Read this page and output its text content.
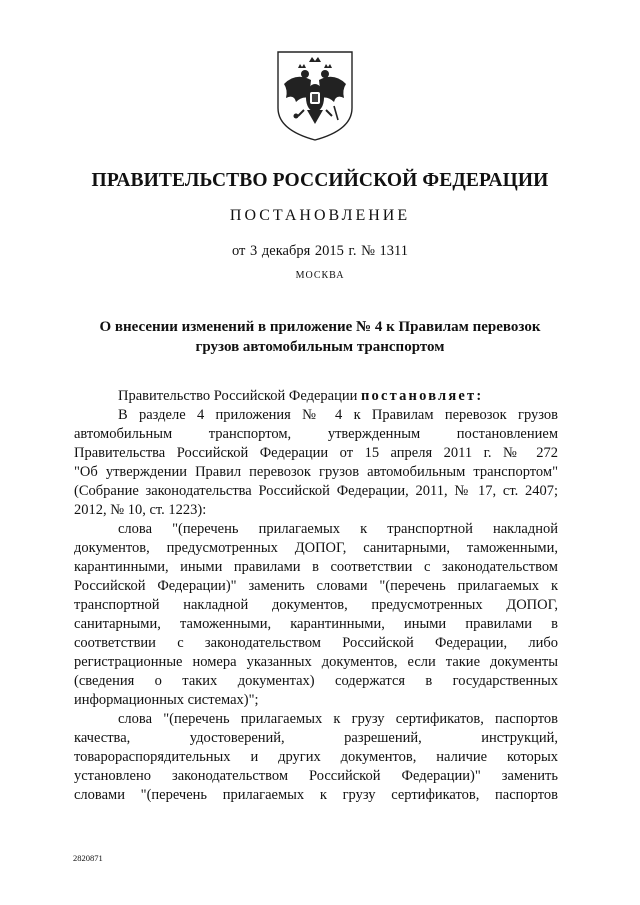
ПРАВИТЕЛЬСТВО РОССИЙСКОЙ ФЕДЕРАЦИИ
ПОСТАНОВЛЕНИЕ
от 3 декабря 2015 г. № 1311
МОСКВА
О внесении изменений в приложение № 4 к Правилам перевозок
грузов автомобильным транспортом
Правительство Российской Федерации постановляет:
В разделе 4 приложения № 4 к Правилам перевозок грузов
автомобильным транспортом, утвержденным постановлением
Правительства Российской Федерации от 15 апреля 2011 г. № 272
"Об утверждении Правил перевозок грузов автомобильным транспортом"
(Собрание законодательства Российской Федерации, 2011, № 17, ст. 2407;
2012, № 10, ст. 1223):
слова "(перечень прилагаемых к транспортной накладной
документов, предусмотренных ДОПОГ, санитарными, таможенными,
карантинными, иными правилами в соответствии с законодательством
Российской Федерации)" заменить словами "(перечень прилагаемых к
транспортной накладной документов, предусмотренных ДОПОГ,
санитарными, таможенными, карантинными, иными правилами в
соответствии с законодательством Российской Федерации, либо
регистрационные номера указанных документов, если такие документы
(сведения о таких документах) содержатся в государственных
информационных системах)";
слова "(перечень прилагаемых к грузу сертификатов, паспортов
качества, удостоверений, разрешений, инструкций,
товарораспорядительных и других документов, наличие которых
установлено законодательством Российской Федерации)" заменить
словами "(перечень прилагаемых к грузу сертификатов, паспортов
2820871
